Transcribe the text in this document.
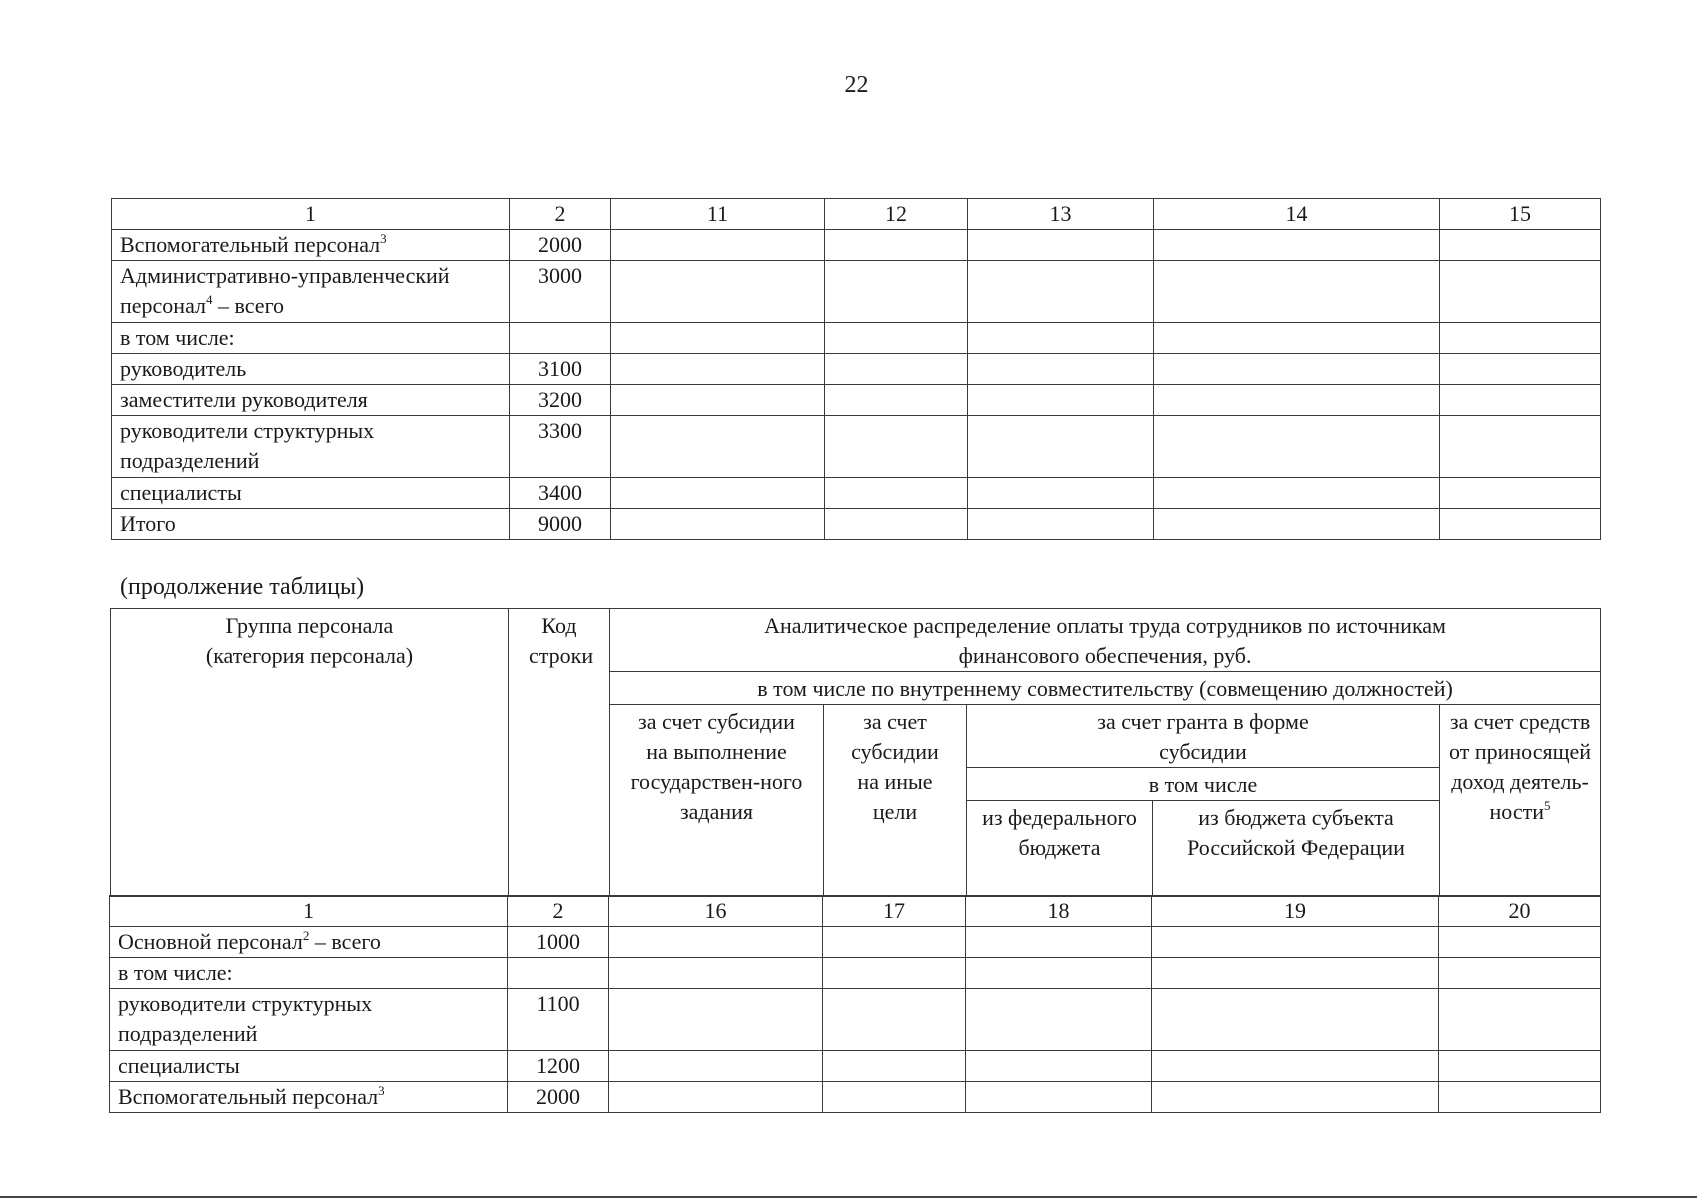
22
1	2	11	12	13	14	15
Вспомогательный персонал$^3$	2000					
Административно-управленческий персонал$^4$ – всего	3000					
в том числе:						
руководитель	3100					
заместители руководителя	3200					
руководители структурных подразделений	3300					
специалисты	3400					
Итого	9000					
(продолжение таблицы)
Группа персонала (категория персонала)	Код строки	Аналитическое распределение оплаты труда сотрудников по источникам финансового обеспечения, руб.				
		в том числе по внутреннему совместительству (совмещению должностей)				
		за счет субсидии на выполнение государствен-ного задания	за счет субсидии на иные цели	за счет гранта в форме субсидии		за счет средств от приносящей доход деятель-ности$^5$
				в том числе		
				из федерального бюджета	из бюджета субъекта Российской Федерации	
1	2	16	17	18	19	20
Основной персонал$^2$ – всего	1000					
в том числе:						
руководители структурных подразделений	1100					
специалисты	1200					
Вспомогательный персонал$^3$	2000					
